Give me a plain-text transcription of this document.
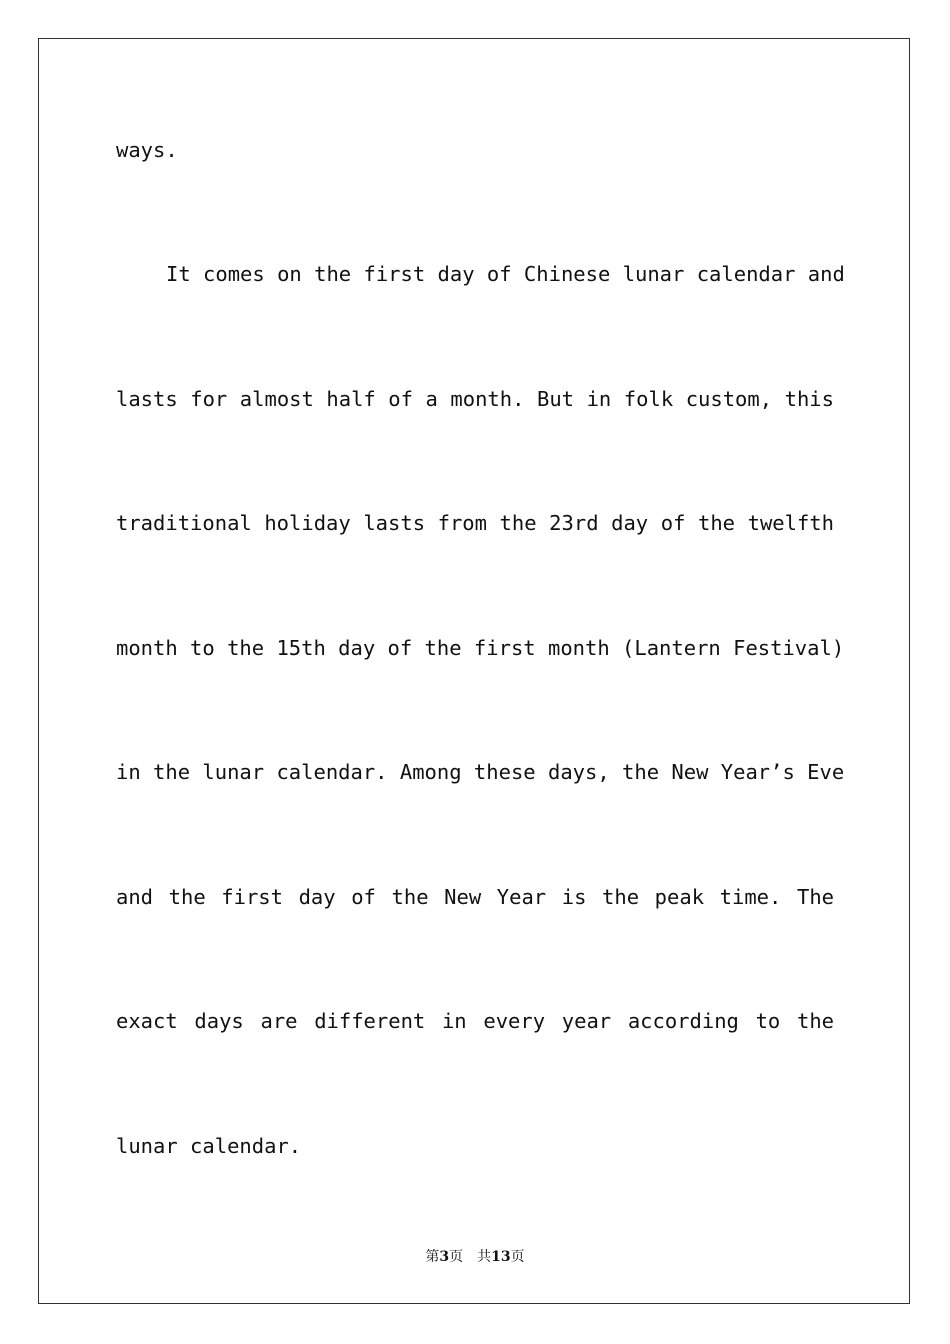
ways.

It comes on the first day of Chinese lunar calendar and

lasts for almost half of a month. But in folk custom, this

traditional holiday lasts from the 23rd day of the twelfth

month to the 15th day of the first month (Lantern Festival)

in the lunar calendar. Among these days, the New Year’s Eve

and the first day of the New Year is the peak time. The

exact days are different in every year according to the

lunar calendar.

第3页 共13页
